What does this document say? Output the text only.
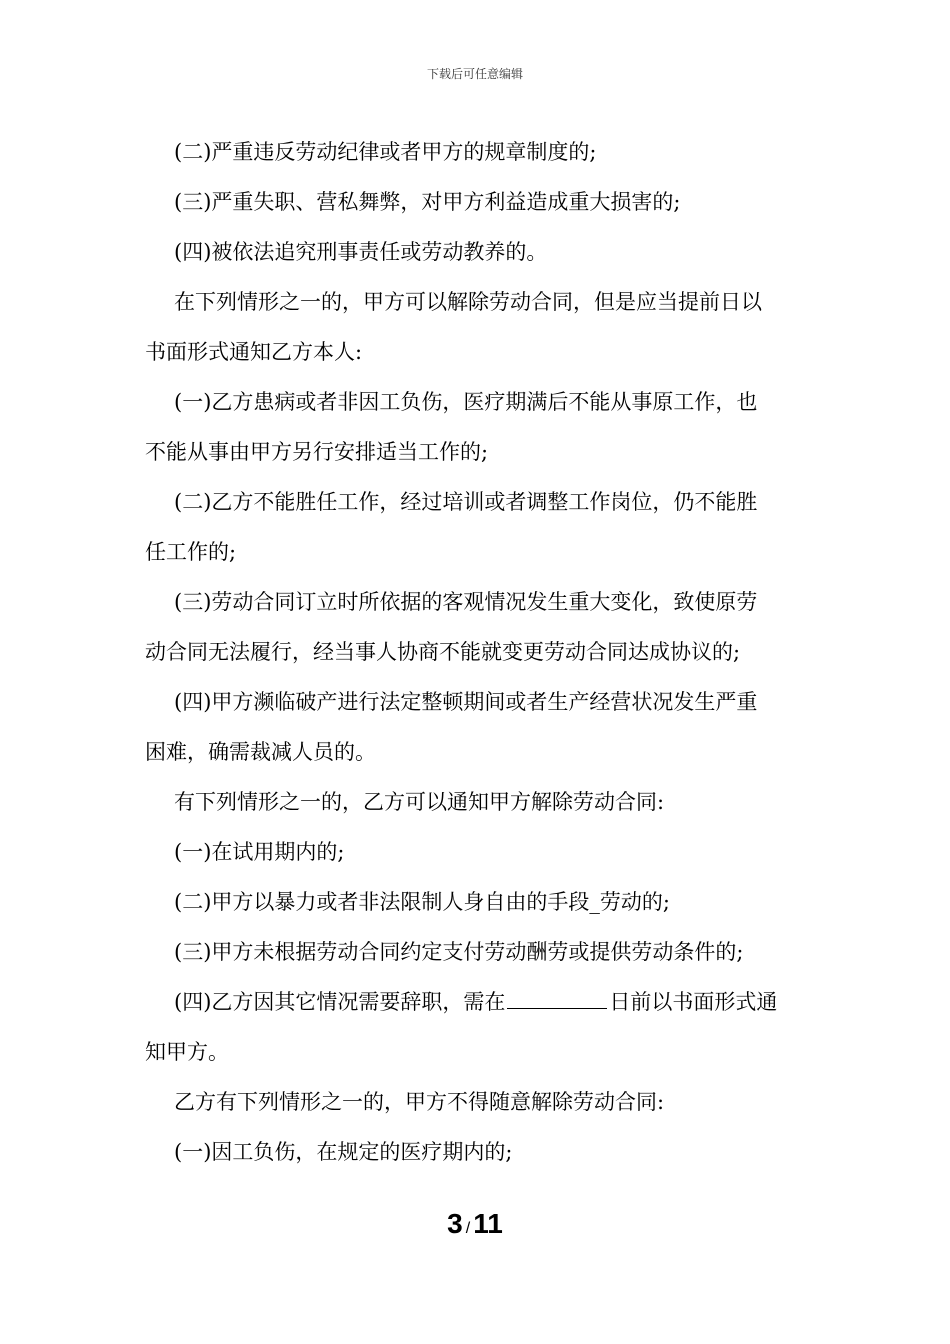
下载后可任意编辑
(二)严重违反劳动纪律或者甲方的规章制度的;
(三)严重失职、营私舞弊，对甲方利益造成重大损害的;
(四)被依法追究刑事责任或劳动教养的。
在下列情形之一的，甲方可以解除劳动合同，但是应当提前日以
书面形式通知乙方本人:
(一)乙方患病或者非因工负伤，医疗期满后不能从事原工作，也
不能从事由甲方另行安排适当工作的;
(二)乙方不能胜任工作，经过培训或者调整工作岗位，仍不能胜
任工作的;
(三)劳动合同订立时所依据的客观情况发生重大变化，致使原劳
动合同无法履行，经当事人协商不能就变更劳动合同达成协议的;
(四)甲方濒临破产进行法定整顿期间或者生产经营状况发生严重
困难，确需裁减人员的。
有下列情形之一的，乙方可以通知甲方解除劳动合同:
(一)在试用期内的;
(二)甲方以暴力或者非法限制人身自由的手段_劳动的;
(三)甲方未根据劳动合同约定支付劳动酬劳或提供劳动条件的;
(四)乙方因其它情况需要辞职，需在	日前以书面形式通
知甲方。
乙方有下列情形之一的，甲方不得随意解除劳动合同:
(一)因工负伤，在规定的医疗期内的;
3 / 11
